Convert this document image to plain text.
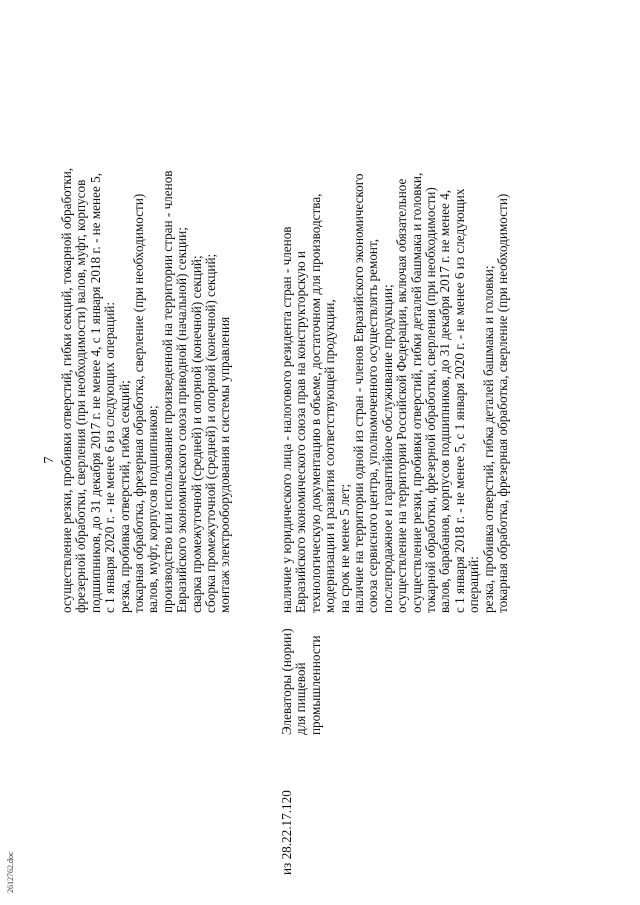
7 осуществление резки, пробивки отверстий, гибки секций, токарной обработки, фрезерной обработки, сверления (при необходимости) валов, муфт, корпусов подшипников, до 31 декабря 2017 г. не менее 4, с 1 января 2018 г. - не менее 5, с 1 января 2020 г. - не менее 6 из следующих операций: резка, пробивка отверстий, гибка секций; токарная обработка, фрезерная обработка, сверление (при необходимости) валов, муфт, корпусов подшипников; производство или использование произведенной на территории стран - членов Евразийского экономического союза приводной (начальной) секции; сварка промежуточной (средней) и опорной (конечной) секций; сборка промежуточной (средней) и опорной (конечной) секций; монтаж электрооборудования и системы управления
из 28.22.17.120
Элеваторы (нории) для пищевой промышленности
наличие у юридического лица - налогового резидента стран - членов Евразийского экономического союза прав на конструкторскую и технологическую документацию в объеме, достаточном для производства, модернизации и развития соответствующей продукции, на срок не менее 5 лет; наличие на территории одной из стран - членов Евразийского экономического союза сервисного центра, уполномоченного осуществлять ремонт, послепродажное и гарантийное обслуживание продукции; осуществление на территории Российской Федерации, включая обязательное осуществление резки, пробивки отверстий, гибки деталей башмака и головки, токарной обработки, фрезерной обработки, сверления (при необходимости) валов, барабанов, корпусов подшипников, до 31 декабря 2017 г. не менее 4, с 1 января 2018 г. - не менее 5, с 1 января 2020 г. - не менее 6 из следующих операций: резка, пробивка отверстий, гибка деталей башмака и головки; токарная обработка, фрезерная обработка, сверление (при необходимости)
2612762.doc
